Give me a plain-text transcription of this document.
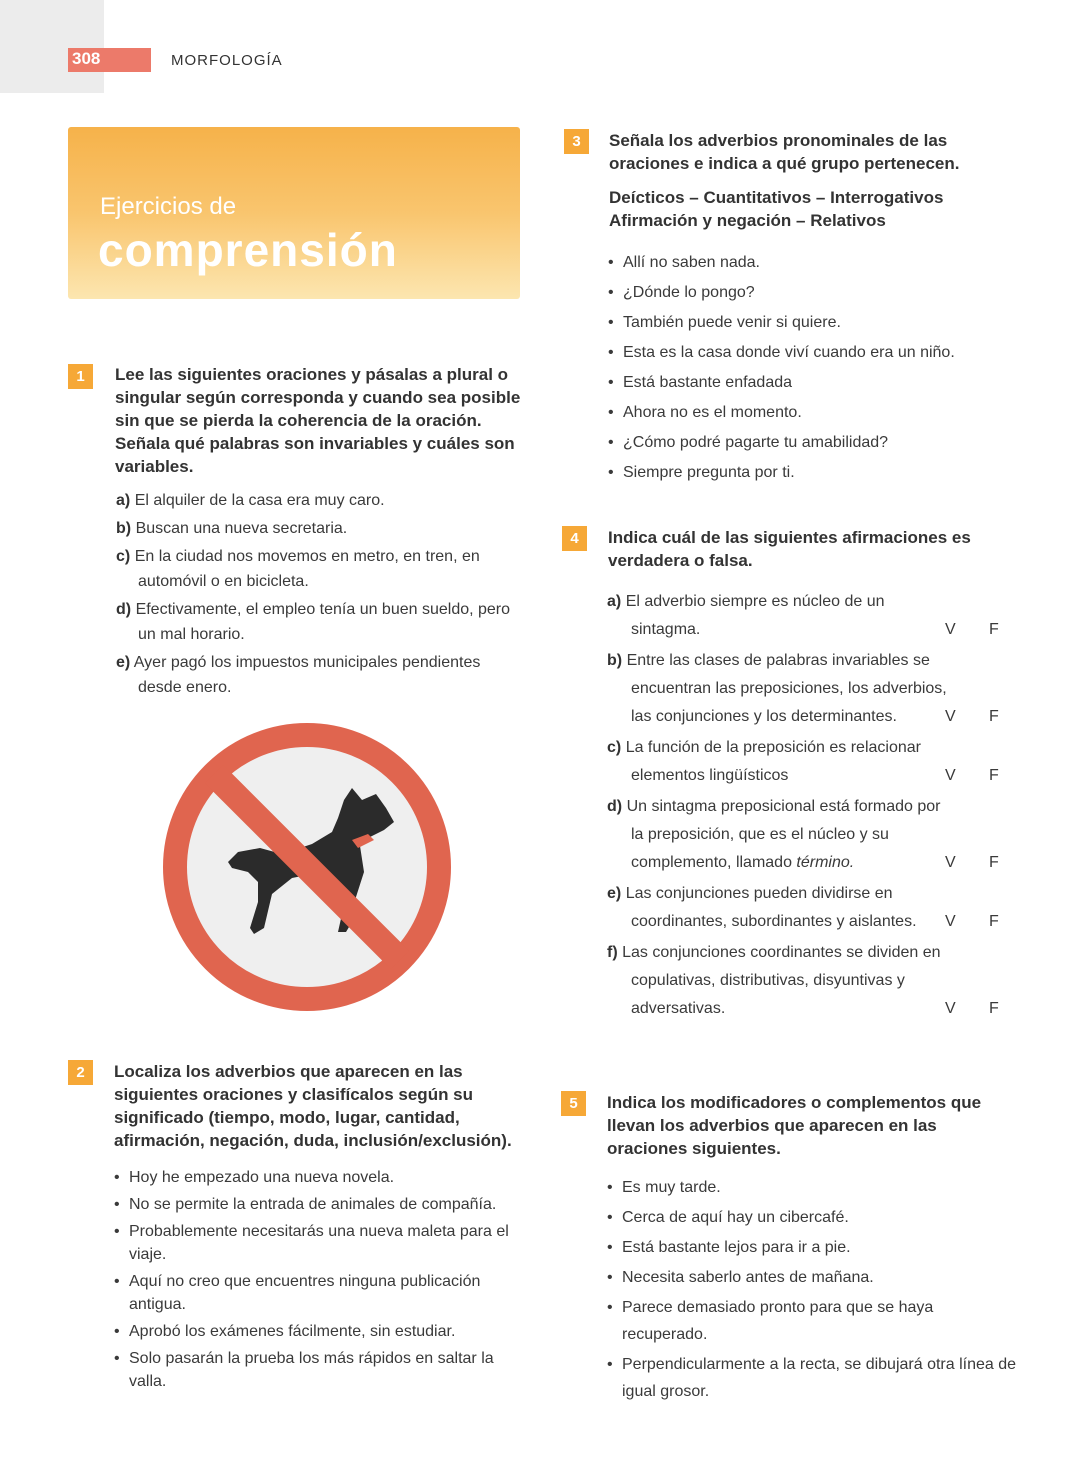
308	MORFOLOGÍA
Ejercicios de
comprensión
1	Lee las siguientes oraciones y pásalas a plural o singular según corresponda y cuando sea posible sin que se pierda la coherencia de la oración. Señala qué palabras son invariables y cuáles son variables.
a) El alquiler de la casa era muy caro.
b) Buscan una nueva secretaria.
c) En la ciudad nos movemos en metro, en tren, en automóvil o en bicicleta.
d) Efectivamente, el empleo tenía un buen sueldo, pero un mal horario.
e) Ayer pagó los impuestos municipales pendientes desde enero.
2	Localiza los adverbios que aparecen en las siguientes oraciones y clasifícalos según su significado (tiempo, modo, lugar, cantidad, afirmación, negación, duda, inclusión/exclusión).
• Hoy he empezado una nueva novela.
• No se permite la entrada de animales de compañía.
• Probablemente necesitarás una nueva maleta para el viaje.
• Aquí no creo que encuentres ninguna publicación antigua.
• Aprobó los exámenes fácilmente, sin estudiar.
• Solo pasarán la prueba los más rápidos en saltar la valla.
3	Señala los adverbios pronominales de las oraciones e indica a qué grupo pertenecen.
Deícticos – Cuantitativos – Interrogativos
Afirmación y negación – Relativos
• Allí no saben nada.
• ¿Dónde lo pongo?
• También puede venir si quiere.
• Esta es la casa donde viví cuando era un niño.
• Está bastante enfadada
• Ahora no es el momento.
• ¿Cómo podré pagarte tu amabilidad?
• Siempre pregunta por ti.
4	Indica cuál de las siguientes afirmaciones es verdadera o falsa.
a) El adverbio siempre es núcleo de un sintagma.	V F
b) Entre las clases de palabras invariables se encuentran las preposiciones, los adverbios, las conjunciones y los determinantes.	V F
c) La función de la preposición es relacionar elementos lingüísticos	V F
d) Un sintagma preposicional está formado por la preposición, que es el núcleo y su complemento, llamado término.	V F
e) Las conjunciones pueden dividirse en coordinantes, subordinantes y aislantes. V F
f) Las conjunciones coordinantes se dividen en copulativas, distributivas, disyuntivas y adversativas.	V F
5	Indica los modificadores o complementos que llevan los adverbios que aparecen en las oraciones siguientes.
• Es muy tarde.
• Cerca de aquí hay un cibercafé.
• Está bastante lejos para ir a pie.
• Necesita saberlo antes de mañana.
• Parece demasiado pronto para que se haya recuperado.
• Perpendicularmente a la recta, se dibujará otra línea de igual grosor.
